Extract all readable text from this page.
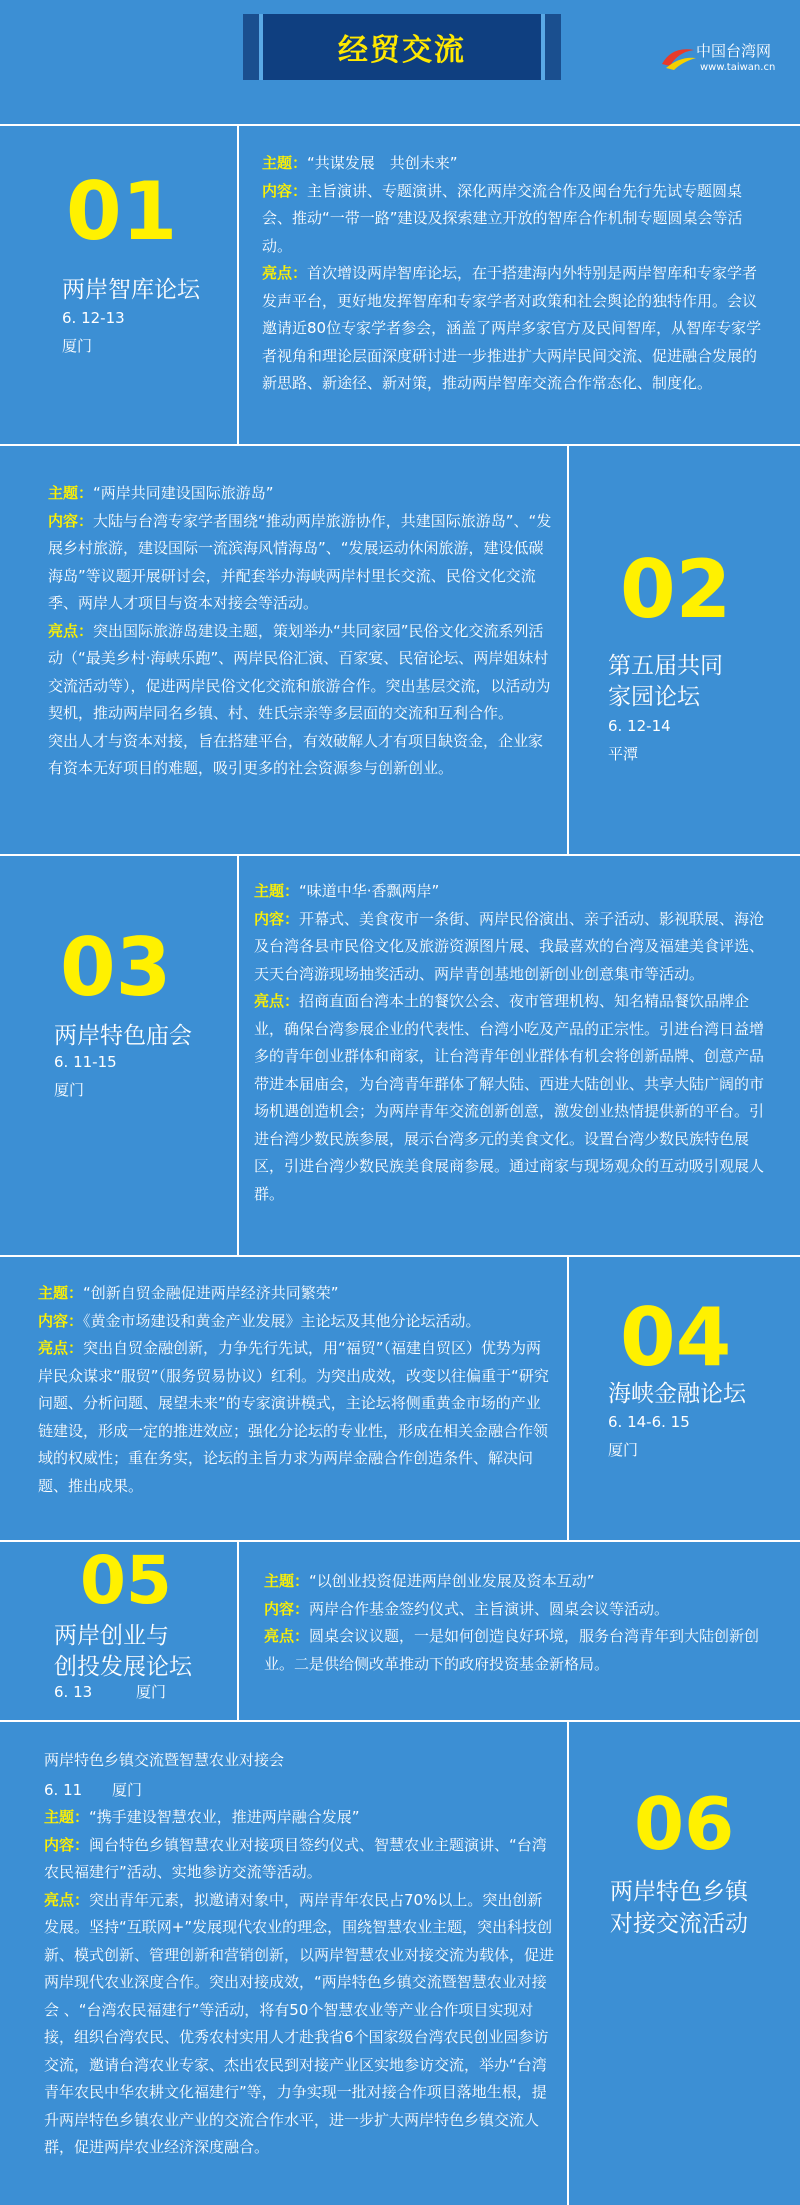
经贸交流	中国台湾网
www.taiwan.cn
01
两岸智库论坛
6. 12-13
厦门

主题：“共谋发展　共创未来”

内容：主旨演讲、专题演讲、深化两岸交流合作及闽台先行先试专题圆桌会、推动“一带一路”建设及探索建立开放的智库合作机制专题圆桌会等活动。

亮点：首次增设两岸智库论坛，在于搭建海内外特别是两岸智库和专家学者发声平台，更好地发挥智库和专家学者对政策和社会舆论的独特作用。会议邀请近80位专家学者参会，涵盖了两岸多家官方及民间智库，从智库专家学者视角和理论层面深度研讨进一步推进扩大两岸民间交流、促进融合发展的新思路、新途径、新对策，推动两岸智库交流合作常态化、制度化。

主题：“两岸共同建设国际旅游岛”

内容：大陆与台湾专家学者围绕“推动两岸旅游协作，共建国际旅游岛”、“发展乡村旅游，建设国际一流滨海风情海岛”、“发展运动休闲旅游，建设低碳海岛”等议题开展研讨会，并配套举办海峡两岸村里长交流、民俗文化交流季、两岸人才项目与资本对接会等活动。

亮点：突出国际旅游岛建设主题，策划举办“共同家园”民俗文化交流系列活动（“最美乡村·海峡乐跑”、两岸民俗汇演、百家宴、民宿论坛、两岸姐妹村交流活动等），促进两岸民俗文化交流和旅游合作。突出基层交流，以活动为契机，推动两岸同名乡镇、村、姓氏宗亲等多层面的交流和互利合作。

突出人才与资本对接，旨在搭建平台，有效破解人才有项目缺资金，企业家有资本无好项目的难题，吸引更多的社会资源参与创新创业。

02
第五届共同
家园论坛
6. 12-14
平潭
03
两岸特色庙会
6. 11-15
厦门

主题：“味道中华·香飘两岸”

内容：开幕式、美食夜市一条街、两岸民俗演出、亲子活动、影视联展、海沧及台湾各县市民俗文化及旅游资源图片展、我最喜欢的台湾及福建美食评选、天天台湾游现场抽奖活动、两岸青创基地创新创业创意集市等活动。

亮点：招商直面台湾本土的餐饮公会、夜市管理机构、知名精品餐饮品牌企业，确保台湾参展企业的代表性、台湾小吃及产品的正宗性。引进台湾日益增多的青年创业群体和商家，让台湾青年创业群体有机会将创新品牌、创意产品带进本届庙会，为台湾青年群体了解大陆、西进大陆创业、共享大陆广阔的市场机遇创造机会；为两岸青年交流创新创意，激发创业热情提供新的平台。引进台湾少数民族参展，展示台湾多元的美食文化。设置台湾少数民族特色展区，引进台湾少数民族美食展商参展。通过商家与现场观众的互动吸引观展人群。

主题：“创新自贸金融促进两岸经济共同繁荣”

内容：《黄金市场建设和黄金产业发展》主论坛及其他分论坛活动。

亮点：突出自贸金融创新，力争先行先试，用“福贸”（福建自贸区）优势为两岸民众谋求“服贸”（服务贸易协议）红利。为突出成效，改变以往偏重于“研究问题、分析问题、展望未来”的专家演讲模式，主论坛将侧重黄金市场的产业链建设，形成一定的推进效应；强化分论坛的专业性，形成在相关金融合作领域的权威性；重在务实，论坛的主旨力求为两岸金融合作创造条件、解决问题、推出成果。

04
海峡金融论坛
6. 14-6. 15
厦门
05
两岸创业与
创投发展论坛
6. 13	厦门

主题：“以创业投资促进两岸创业发展及资本互动”

内容：两岸合作基金签约仪式、主旨演讲、圆桌会议等活动。

亮点：圆桌会议议题，一是如何创造良好环境，服务台湾青年到大陆创新创业。二是供给侧改革推动下的政府投资基金新格局。

两岸特色乡镇交流暨智慧农业对接会
6. 11 厦门

主题：“携手建设智慧农业，推进两岸融合发展”

内容：闽台特色乡镇智慧农业对接项目签约仪式、智慧农业主题演讲、“台湾农民福建行”活动、实地参访交流等活动。

亮点：突出青年元素，拟邀请对象中，两岸青年农民占70%以上。突出创新发展。坚持“互联网+”发展现代农业的理念，围绕智慧农业主题，突出科技创新、模式创新、管理创新和营销创新，以两岸智慧农业对接交流为载体，促进两岸现代农业深度合作。突出对接成效，“两岸特色乡镇交流暨智慧农业对接会 、“台湾农民福建行”等活动，将有50个智慧农业等产业合作项目实现对接，组织台湾农民、优秀农村实用人才赴我省6个国家级台湾农民创业园参访交流，邀请台湾农业专家、杰出农民到对接产业区实地参访交流，举办“台湾青年农民中华农耕文化福建行”等，力争实现一批对接合作项目落地生根，提升两岸特色乡镇农业产业的交流合作水平，进一步扩大两岸特色乡镇交流人群，促进两岸农业经济深度融合。

06
两岸特色乡镇
对接交流活动
